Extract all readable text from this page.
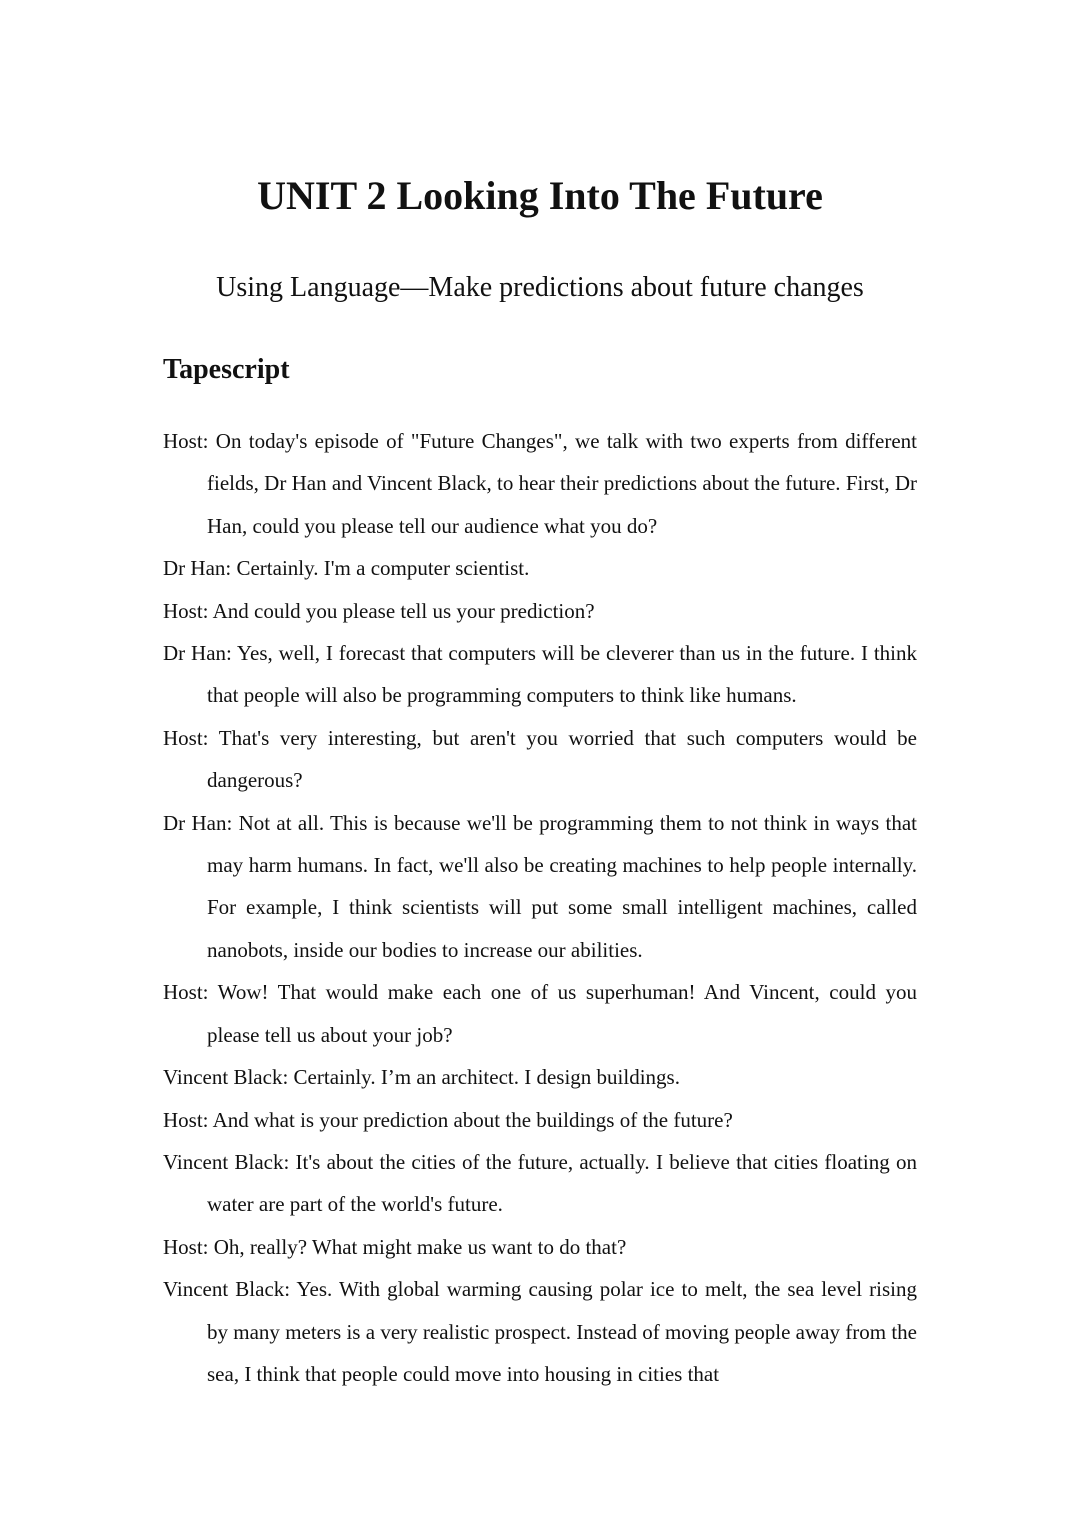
UNIT 2 Looking Into The Future
Using Language—Make predictions about future changes
Tapescript

Host: On today's episode of "Future Changes", we talk with two experts from different fields, Dr Han and Vincent Black, to hear their predictions about the future. First, Dr Han, could you please tell our audience what you do?

Dr Han: Certainly. I'm a computer scientist.

Host: And could you please tell us your prediction?

Dr Han: Yes, well, I forecast that computers will be cleverer than us in the future. I think that people will also be programming computers to think like humans.

Host: That's very interesting, but aren't you worried that such computers would be dangerous?

Dr Han: Not at all. This is because we'll be programming them to not think in ways that may harm humans. In fact, we'll also be creating machines to help people internally. For example, I think scientists will put some small intelligent machines, called nanobots, inside our bodies to increase our abilities.

Host: Wow! That would make each one of us superhuman! And Vincent, could you please tell us about your job?

Vincent Black: Certainly. I’m an architect. I design buildings.

Host: And what is your prediction about the buildings of the future?

Vincent Black: It's about the cities of the future, actually. I believe that cities floating on water are part of the world's future.

Host: Oh, really? What might make us want to do that?

Vincent Black: Yes. With global warming causing polar ice to melt, the sea level rising by many meters is a very realistic prospect. Instead of moving people away from the sea, I think that people could move into housing in cities that
